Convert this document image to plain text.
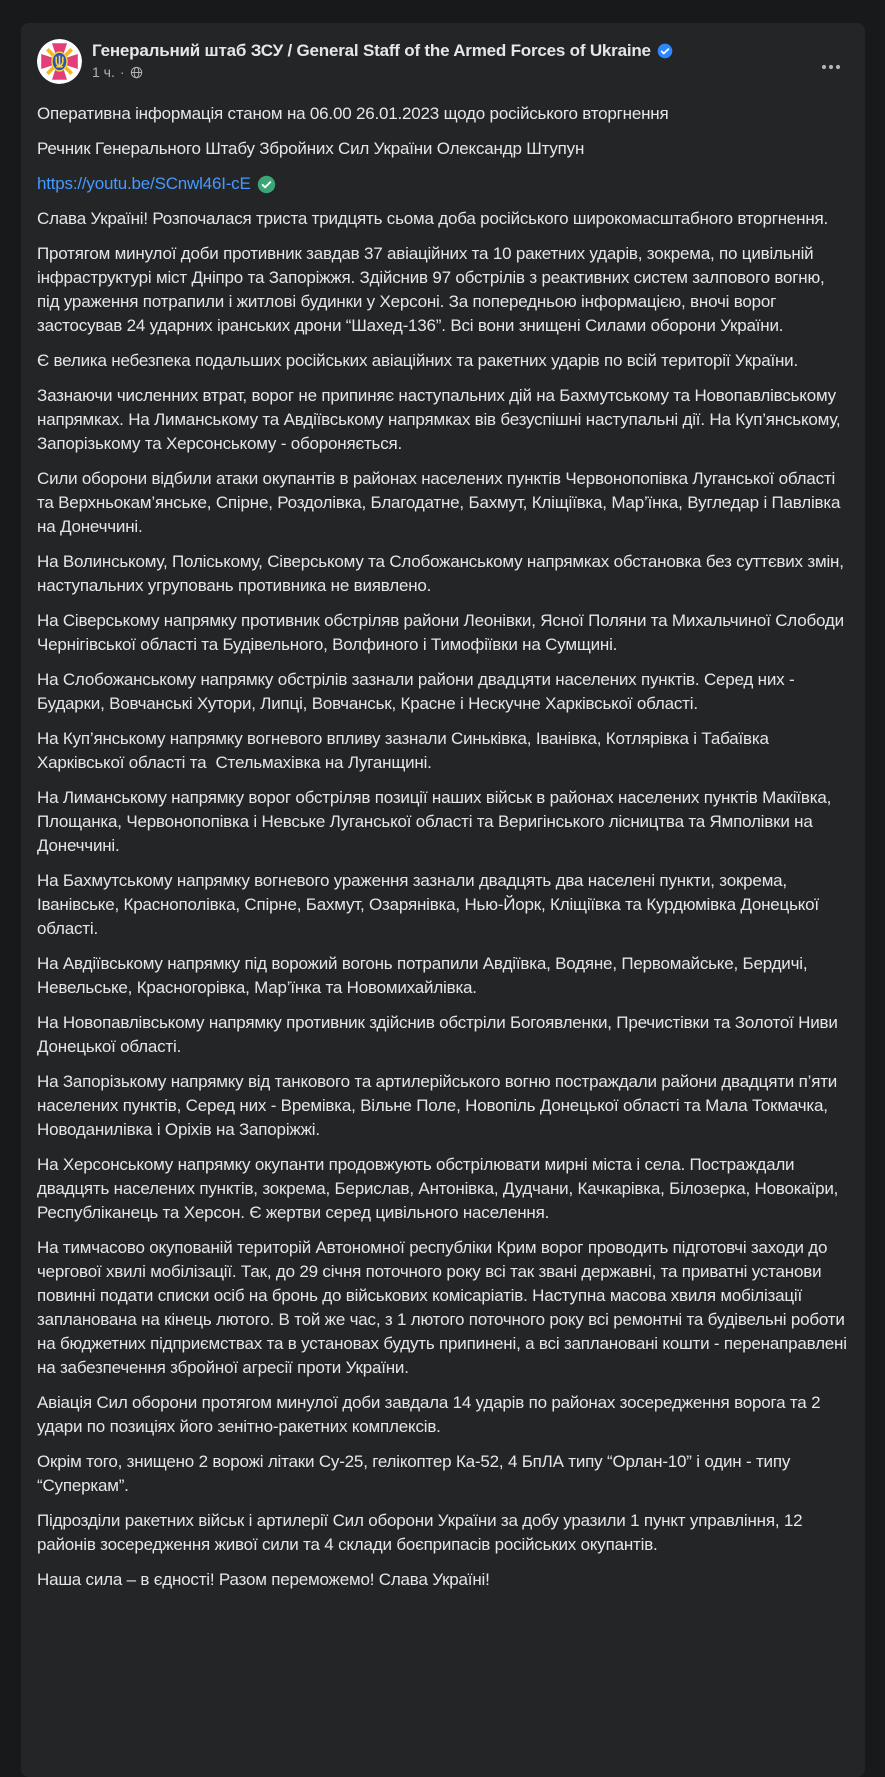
Генеральний штаб ЗСУ / General Staff of the Armed Forces of Ukraine
1 ч. ·

Оперативна інформація станом на 06.00 26.01.2023 щодо російського вторгнення

Речник Генерального Штабу Збройних Сил України Олександр Штупун

https://youtu.be/SCnwl46I-cE

Слава Україні! Розпочалася триста тридцять сьома доба російського широкомасштабного вторгнення.

Протягом минулої доби противник завдав 37 авіаційних та 10 ракетних ударів, зокрема, по цивільній інфраструктурі міст Дніпро та Запоріжжя. Здійснив 97 обстрілів з реактивних систем залпового вогню, під ураження потрапили і житлові будинки у Херсоні. За попередньою інформацією, вночі ворог застосував 24 ударних іранських дрони “Шахед-136”. Всі вони знищені Силами оборони України.

Є велика небезпека подальших російських авіаційних та ракетних ударів по всій території України.

Зазнаючи численних втрат, ворог не припиняє наступальних дій на Бахмутському та Новопавлівському напрямках. На Лиманському та Авдіївському напрямках вів безуспішні наступальні дії. На Куп’янському, Запорізькому та Херсонському - обороняється.

Сили оборони відбили атаки окупантів в районах населених пунктів Червонопопівка Луганської області та Верхньокам’янське, Спірне, Роздолівка, Благодатне, Бахмут, Кліщіївка, Мар’їнка, Вугледар і Павлівка на Донеччині.

На Волинському, Поліському, Сіверському та Слобожанському напрямках обстановка без суттєвих змін, наступальних угруповань противника не виявлено.

На Сіверському напрямку противник обстріляв райони Леонівки, Ясної Поляни та Михальчиної Слободи Чернігівської області та Будівельного, Волфиного і Тимофіївки на Сумщині.

На Слобожанському напрямку обстрілів зазнали райони двадцяти населених пунктів. Серед них - Бударки, Вовчанські Хутори, Липці, Вовчанськ, Красне і Нескучне Харківської області.

На Куп’янському напрямку вогневого впливу зазнали Синьківка, Іванівка, Котлярівка і Табаївка Харківської області та  Стельмахівка на Луганщині.

На Лиманському напрямку ворог обстріляв позиції наших військ в районах населених пунктів Макіївка, Площанка, Червонопопівка і Невське Луганської області та Веригінського лісництва та Ямполівки на Донеччині.

На Бахмутському напрямку вогневого ураження зазнали двадцять два населені пункти, зокрема, Іванівське, Краснополівка, Спірне, Бахмут, Озарянівка, Нью-Йорк, Кліщіївка та Курдюмівка Донецької області.

На Авдіївському напрямку під ворожий вогонь потрапили Авдіївка, Водяне, Первомайське, Бердичі, Невельське, Красногорівка, Мар’їнка та Новомихайлівка.

На Новопавлівському напрямку противник здійснив обстріли Богоявленки, Пречистівки та Золотої Ниви Донецької області.

На Запорізькому напрямку від танкового та артилерійського вогню постраждали райони двадцяти п’яти населених пунктів, Серед них - Времівка, Вільне Поле, Новопіль Донецької області та Мала Токмачка, Новоданилівка і Оріхів на Запоріжжі.

На Херсонському напрямку окупанти продовжують обстрілювати мирні міста і села. Постраждали двадцять населених пунктів, зокрема, Берислав, Антонівка, Дудчани, Качкарівка, Білозерка, Новокаїри, Республіканець та Херсон. Є жертви серед цивільного населення.

На тимчасово окупованій територій Автономної республіки Крим ворог проводить підготовчі заходи до чергової хвилі мобілізації. Так, до 29 січня поточного року всі так звані державні, та приватні установи повинні подати списки осіб на бронь до військових комісаріатів. Наступна масова хвиля мобілізації запланована на кінець лютого. В той же час, з 1 лютого поточного року всі ремонтні та будівельні роботи на бюджетних підприємствах та в установах будуть припинені, а всі заплановані кошти - перенаправлені на забезпечення збройної агресії проти України.

Авіація Сил оборони протягом минулої доби завдала 14 ударів по районах зосередження ворога та 2 удари по позиціях його зенітно-ракетних комплексів.

Окрім того, знищено 2 ворожі літаки Су-25, гелікоптер Ка-52, 4 БпЛА типу “Орлан-10” і один - типу “Суперкам”.

Підрозділи ракетних військ і артилерії Сил оборони України за добу уразили 1 пункт управління, 12 районів зосередження живої сили та 4 склади боєприпасів російських окупантів.

Наша сила – в єдності! Разом переможемо! Слава Україні!
